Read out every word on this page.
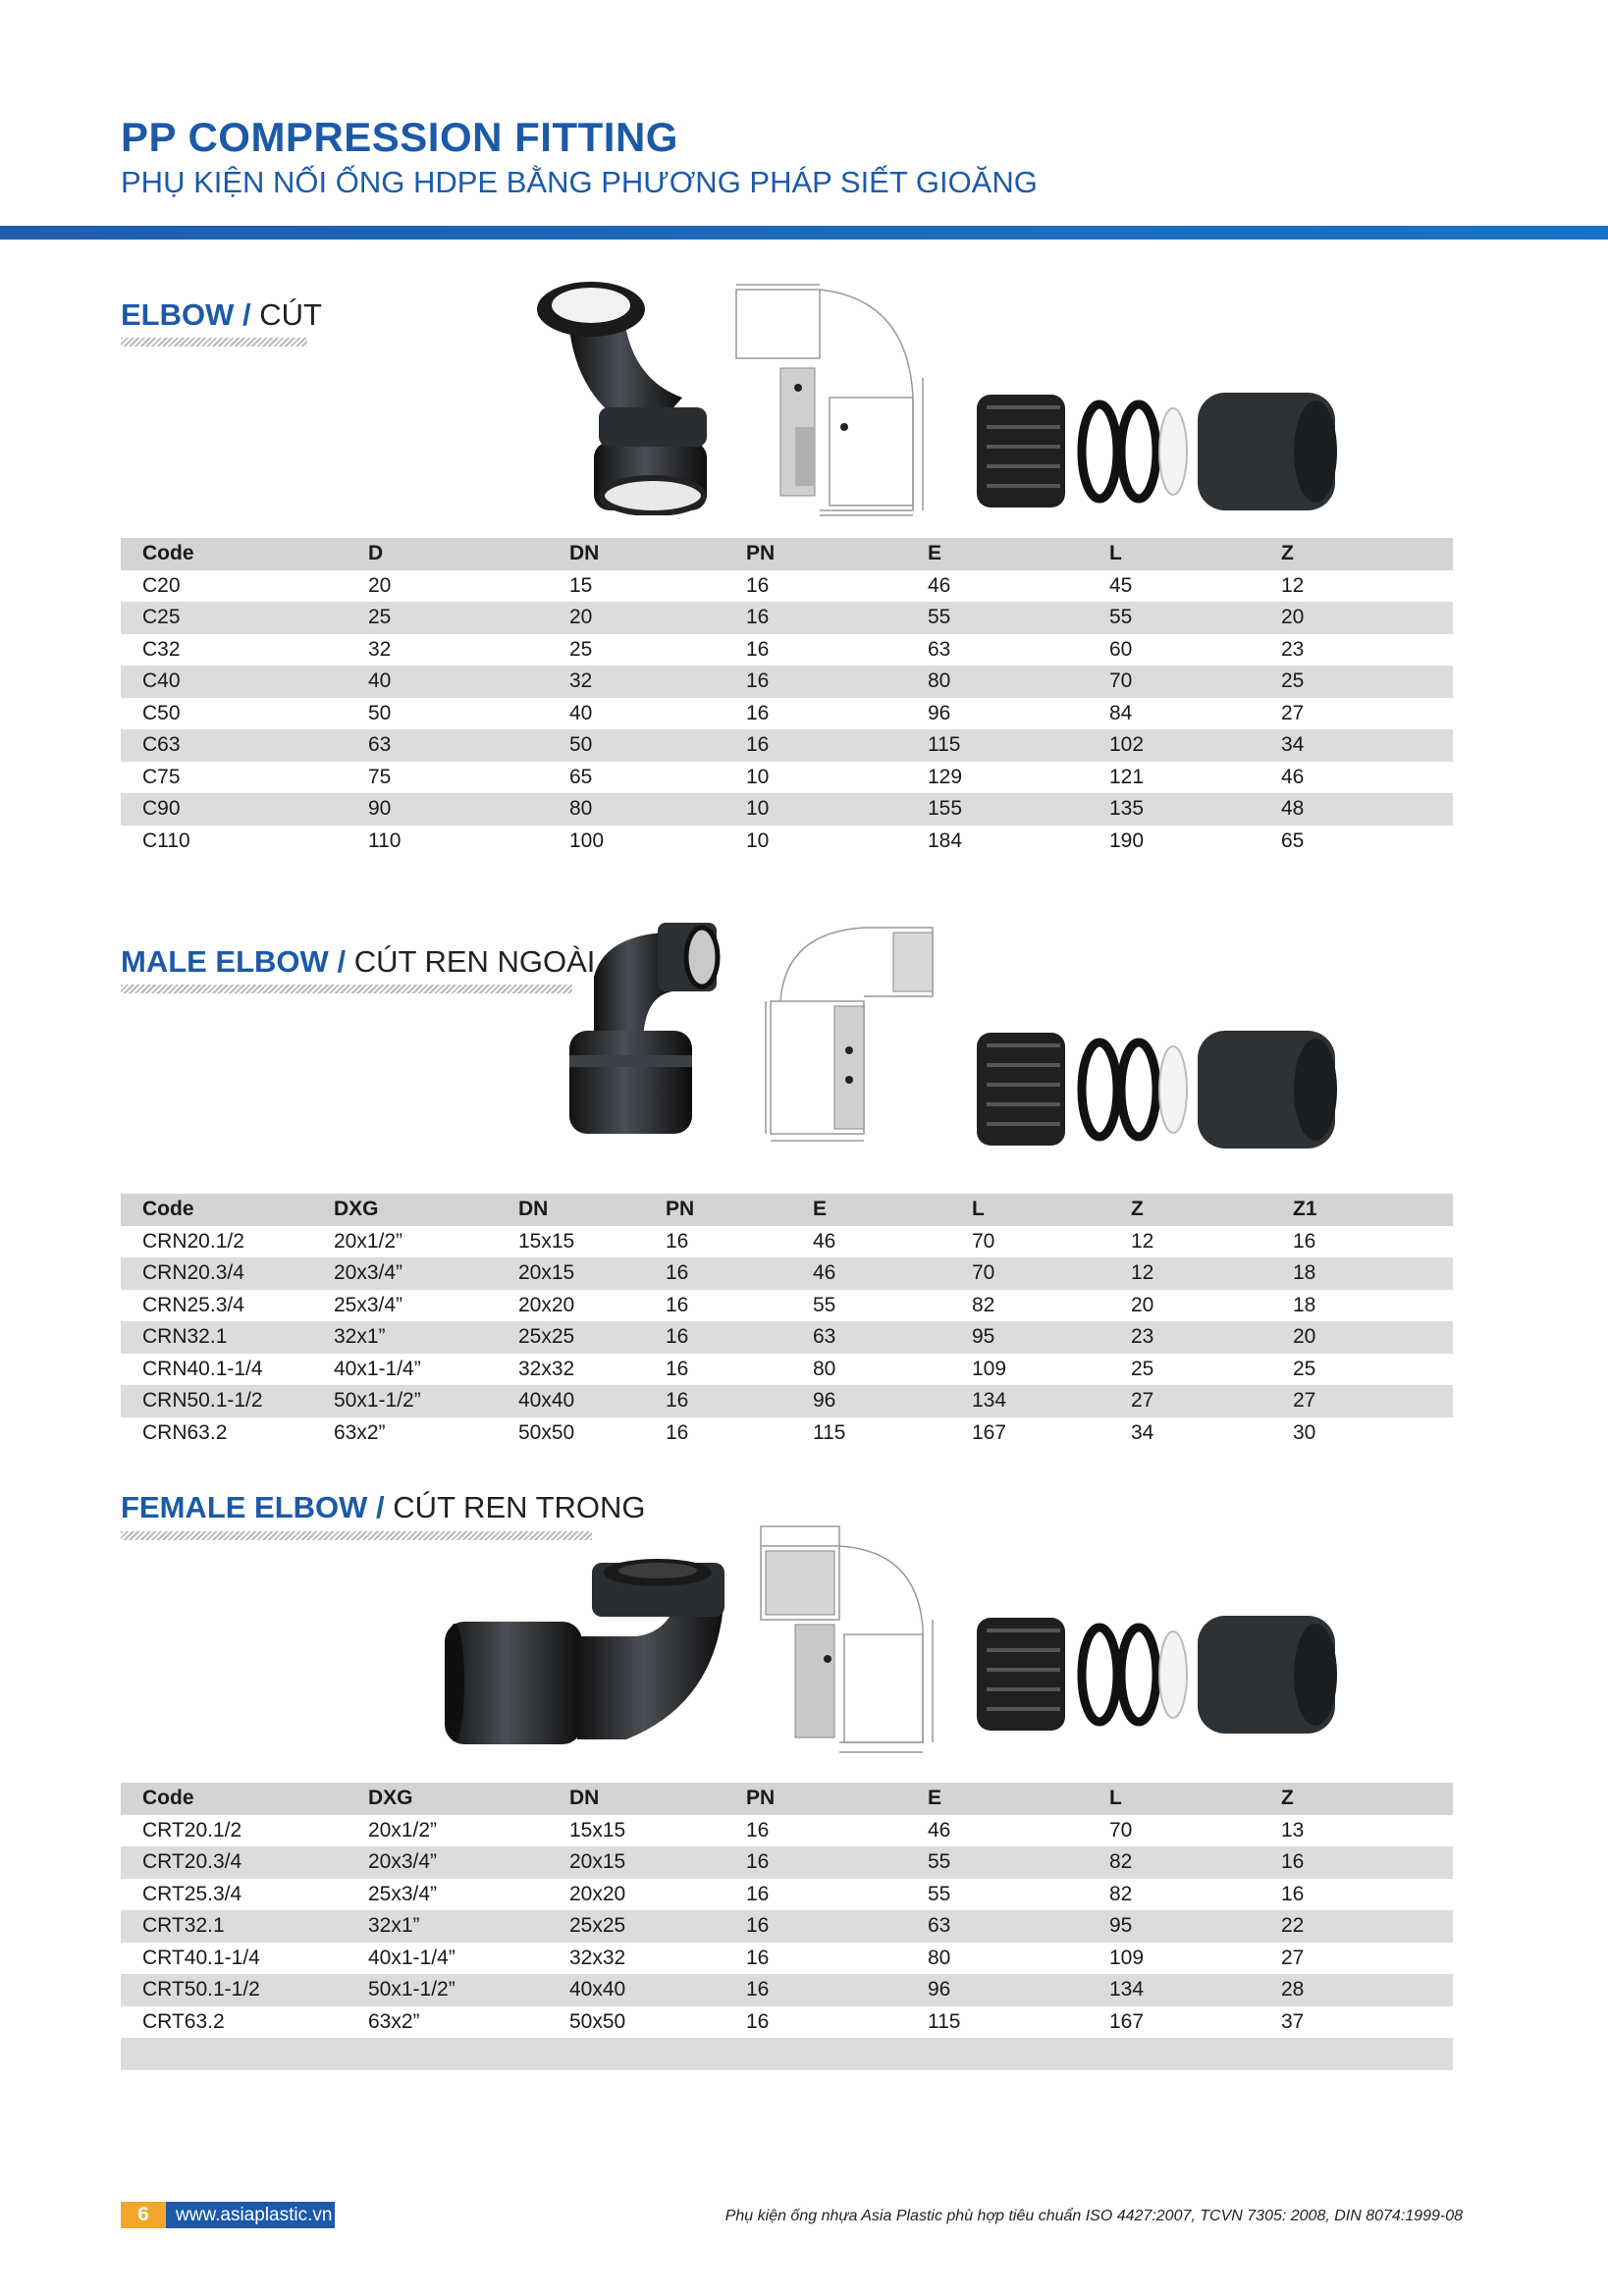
PP COMPRESSION FITTING
PHỤ KIỆN NỐI ỐNG HDPE BẰNG PHƯƠNG PHÁP SIẾT GIOĂNG
ELBOW / CÚT
	Code	D	DN	PN	E	L	Z
	C20	20	15	16	46	45	12
	C25	25	20	16	55	55	20
	C32	32	25	16	63	60	23
	C40	40	32	16	80	70	25
	C50	50	40	16	96	84	27
	C63	63	50	16	115	102	34
	C75	75	65	10	129	121	46
	C90	90	80	10	155	135	48
	C110	110	100	10	184	190	65
MALE ELBOW / CÚT REN NGOÀI
	Code	DXG	DN	PN	E	L	Z	Z1
	CRN20.1/2	20x1/2”	15x15	16	46	70	12	16
	CRN20.3/4	20x3/4”	20x15	16	46	70	12	18
	CRN25.3/4	25x3/4”	20x20	16	55	82	20	18
	CRN32.1	32x1”	25x25	16	63	95	23	20
	CRN40.1-1/4	40x1-1/4”	32x32	16	80	109	25	25
	CRN50.1-1/2	50x1-1/2”	40x40	16	96	134	27	27
	CRN63.2	63x2”	50x50	16	115	167	34	30
FEMALE ELBOW / CÚT REN TRONG
	Code	DXG	DN	PN	E	L	Z
	CRT20.1/2	20x1/2”	15x15	16	46	70	13
	CRT20.3/4	20x3/4”	20x15	16	55	82	16
	CRT25.3/4	25x3/4”	20x20	16	55	82	16
	CRT32.1	32x1”	25x25	16	63	95	22
	CRT40.1-1/4	40x1-1/4”	32x32	16	80	109	27
	CRT50.1-1/2	50x1-1/2”	40x40	16	96	134	28
	CRT63.2	63x2”	50x50	16	115	167	37

6	www.asiaplastic.vn	Phụ kiện ống nhựa Asia Plastic phù hợp tiêu chuẩn ISO 4427:2007, TCVN 7305: 2008, DIN 8074:1999-08
